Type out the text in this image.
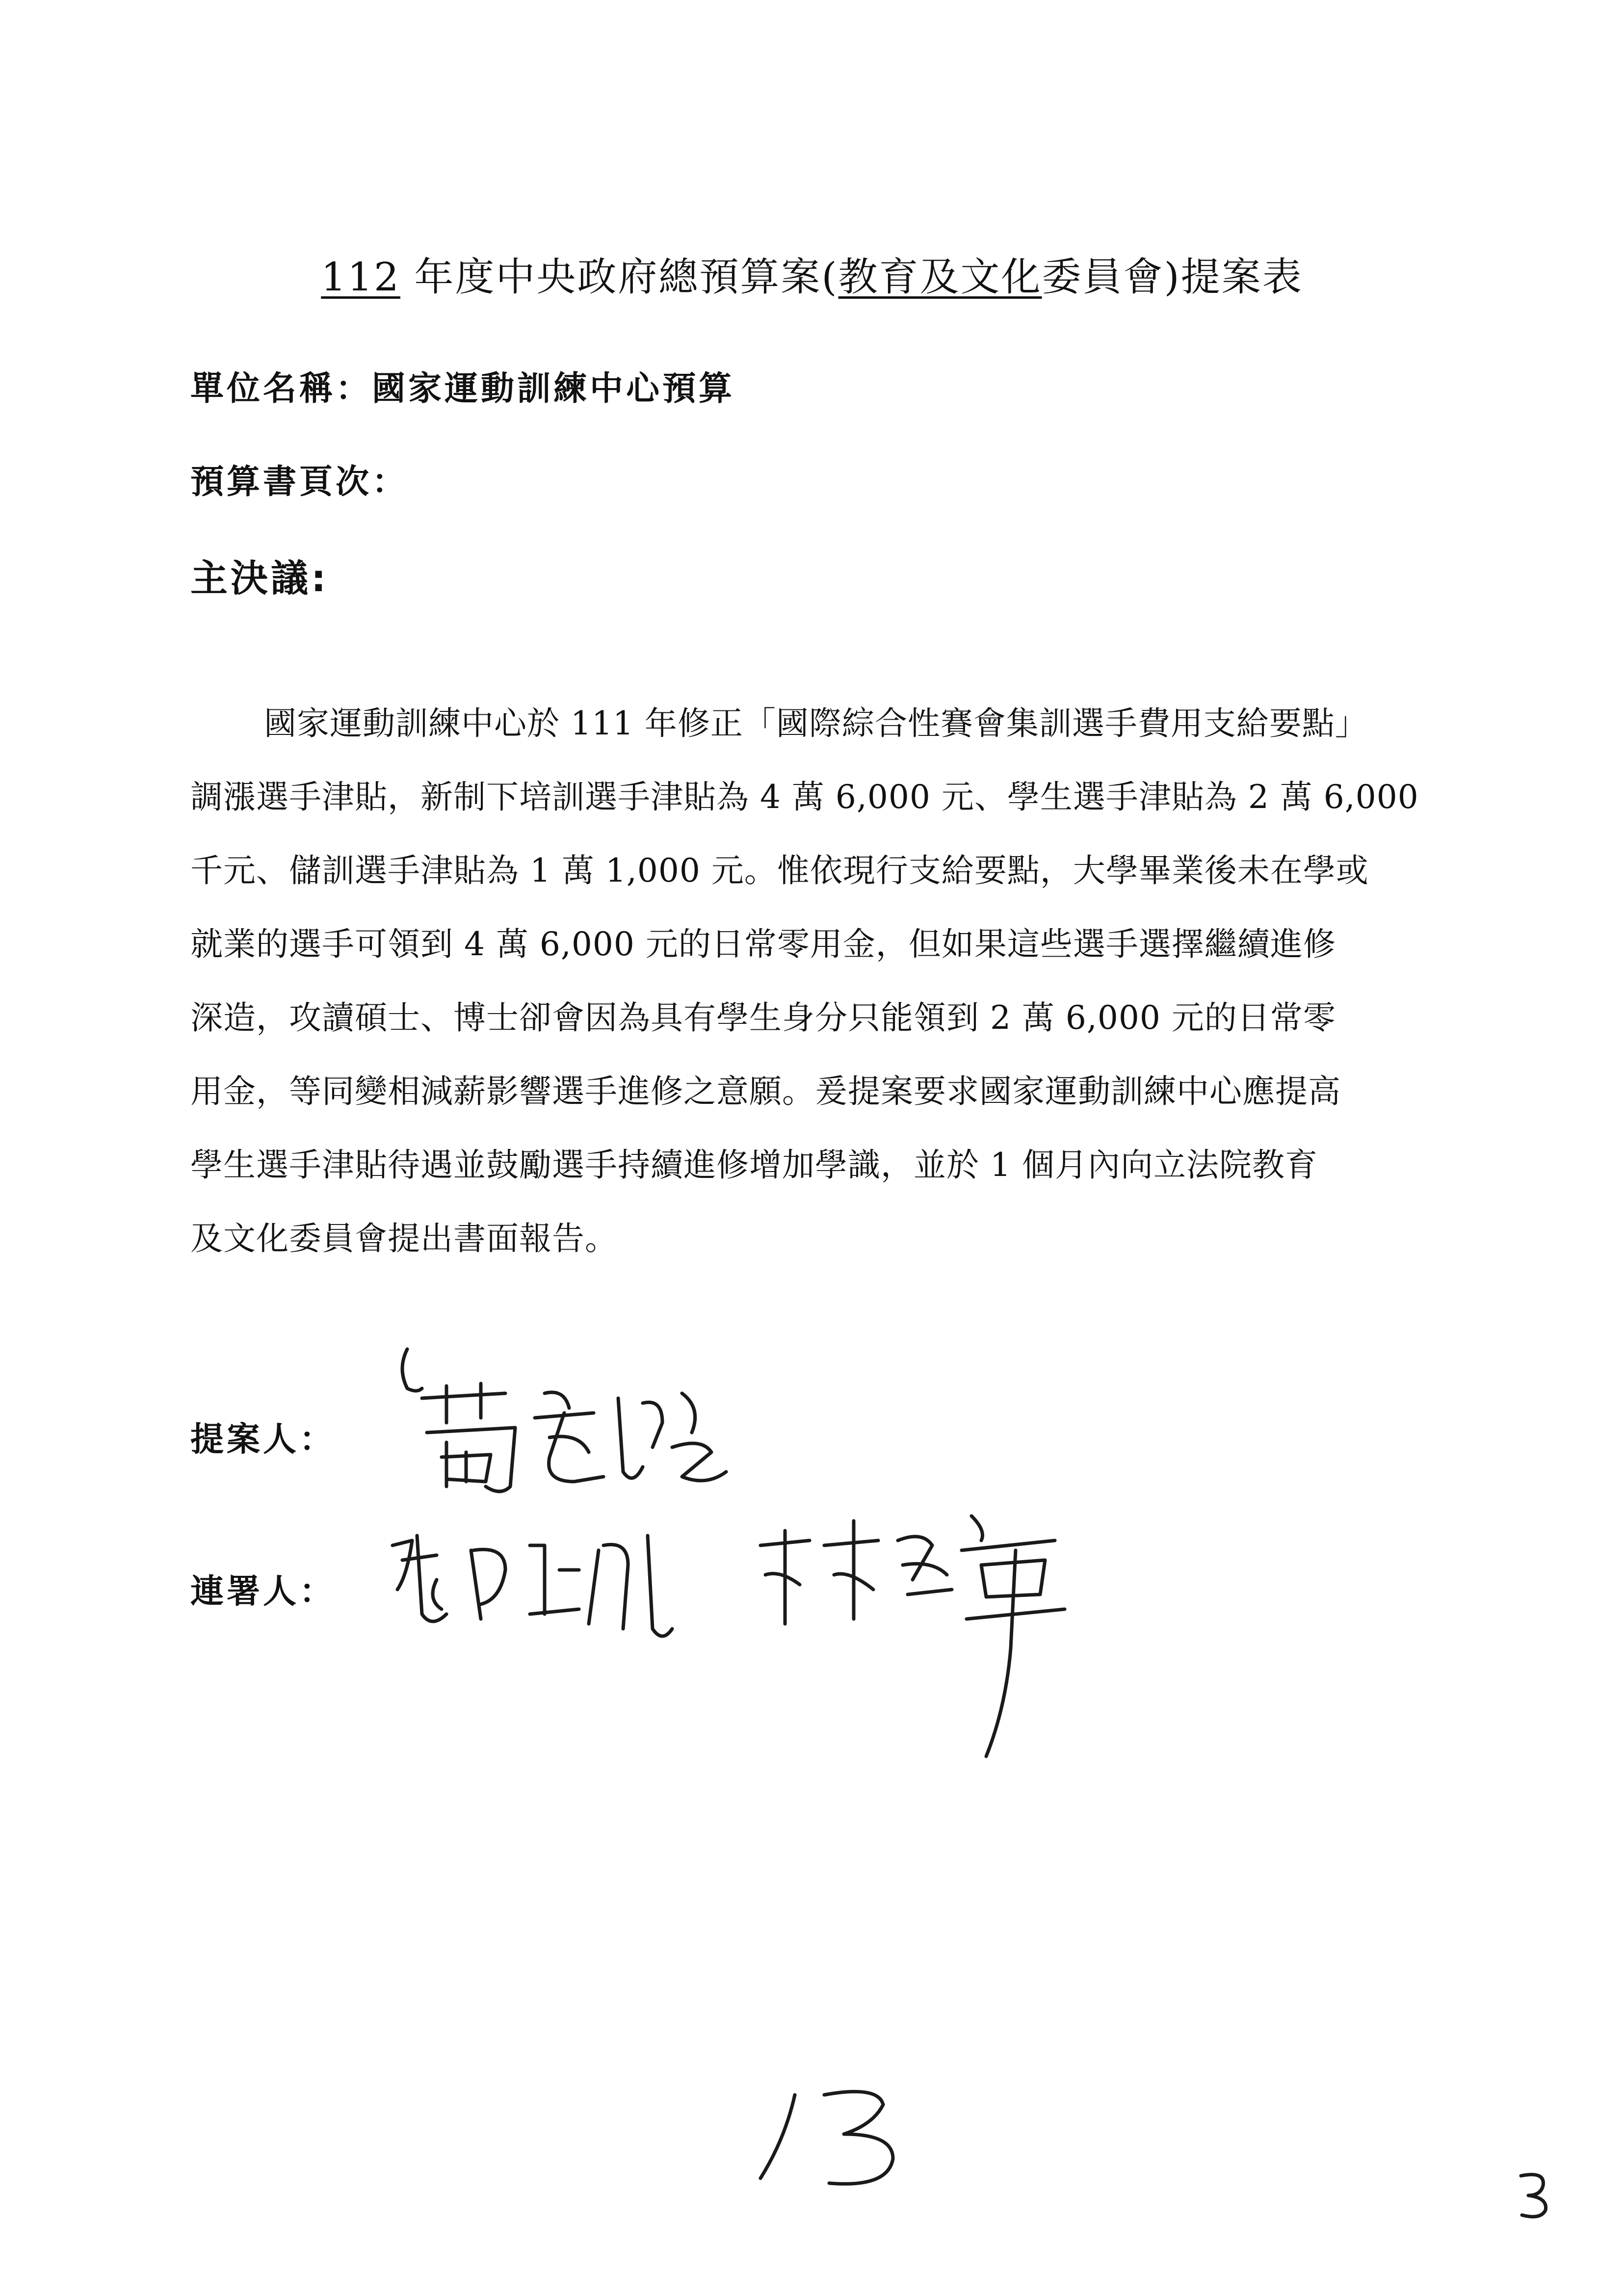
112 年度中央政府總預算案(教育及文化委員會)提案表
單位名稱：國家運動訓練中心預算
預算書頁次：
主決議:
國家運動訓練中心於 111 年修正「國際綜合性賽會集訓選手費用支給要點」
調漲選手津貼，新制下培訓選手津貼為 4 萬 6,000 元、學生選手津貼為 2 萬 6,000
千元、儲訓選手津貼為 1 萬 1,000 元。惟依現行支給要點，大學畢業後未在學或
就業的選手可領到 4 萬 6,000 元的日常零用金，但如果這些選手選擇繼續進修
深造，攻讀碩士、博士卻會因為具有學生身分只能領到 2 萬 6,000 元的日常零
用金，等同變相減薪影響選手進修之意願。爰提案要求國家運動訓練中心應提高
學生選手津貼待遇並鼓勵選手持續進修增加學識，並於 1 個月內向立法院教育
及文化委員會提出書面報告。
提案人：
連署人：
